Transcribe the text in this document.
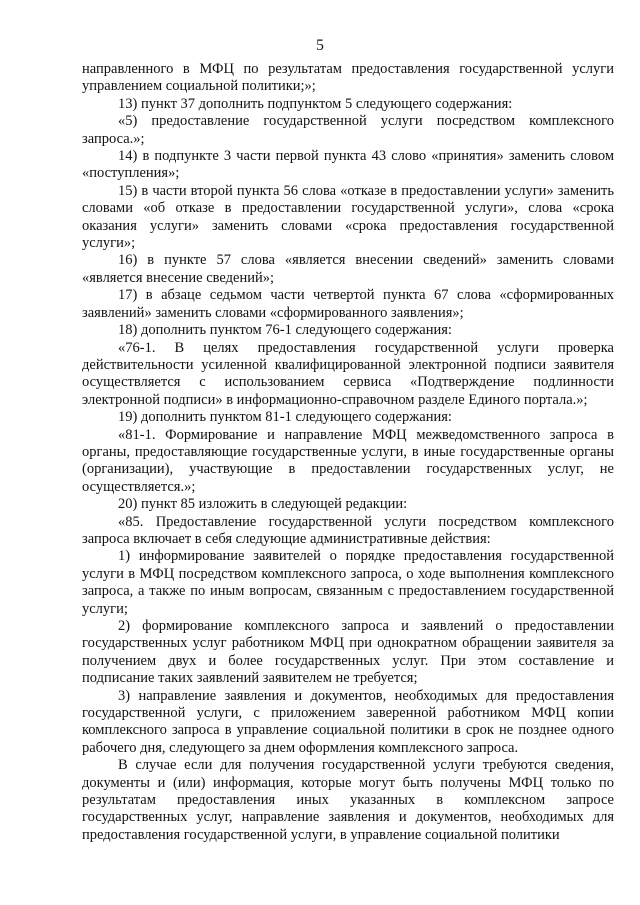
5

направленного в МФЦ по результатам предоставления государственной услуги управлением социальной политики;»;

13) пункт 37 дополнить подпунктом 5 следующего содержания:

«5) предоставление государственной услуги посредством комплексного запроса.»;

14) в подпункте 3 части первой пункта 43 слово «принятия» заменить словом «поступления»;

15) в части второй пункта 56 слова «отказе в предоставлении услуги» заменить словами «об отказе в предоставлении государственной услуги», слова «срока оказания услуги» заменить словами «срока предоставления государственной услуги»;

16) в пункте 57 слова «является внесении сведений» заменить словами «является внесение сведений»;

17) в абзаце седьмом части четвертой пункта 67 слова «сформированных заявлений» заменить словами «сформированного заявления»;

18) дополнить пунктом 76-1 следующего содержания:

«76-1. В целях предоставления государственной услуги проверка действительности усиленной квалифицированной электронной подписи заявителя осуществляется с использованием сервиса «Подтверждение подлинности электронной подписи» в информационно-справочном разделе Единого портала.»;

19) дополнить пунктом 81-1 следующего содержания:

«81-1. Формирование и направление МФЦ межведомственного запроса в органы, предоставляющие государственные услуги, в иные государственные органы (организации), участвующие в предоставлении государственных услуг, не осуществляется.»;

20) пункт 85 изложить в следующей редакции:

«85. Предоставление государственной услуги посредством комплексного запроса включает в себя следующие административные действия:

1) информирование заявителей о порядке предоставления государственной услуги в МФЦ посредством комплексного запроса, о ходе выполнения комплексного запроса, а также по иным вопросам, связанным с предоставлением государственной услуги;

2) формирование комплексного запроса и заявлений о предоставлении государственных услуг работником МФЦ при однократном обращении заявителя за получением двух и более государственных услуг. При этом составление и подписание таких заявлений заявителем не требуется;

3) направление заявления и документов, необходимых для предоставления государственной услуги, с приложением заверенной работником МФЦ копии комплексного запроса в управление социальной политики в срок не позднее одного рабочего дня, следующего за днем оформления комплексного запроса.

В случае если для получения государственной услуги требуются сведения, документы и (или) информация, которые могут быть получены МФЦ только по результатам предоставления иных указанных в комплексном запросе государственных услуг, направление заявления и документов, необходимых для предоставления государственной услуги, в управление социальной политики
